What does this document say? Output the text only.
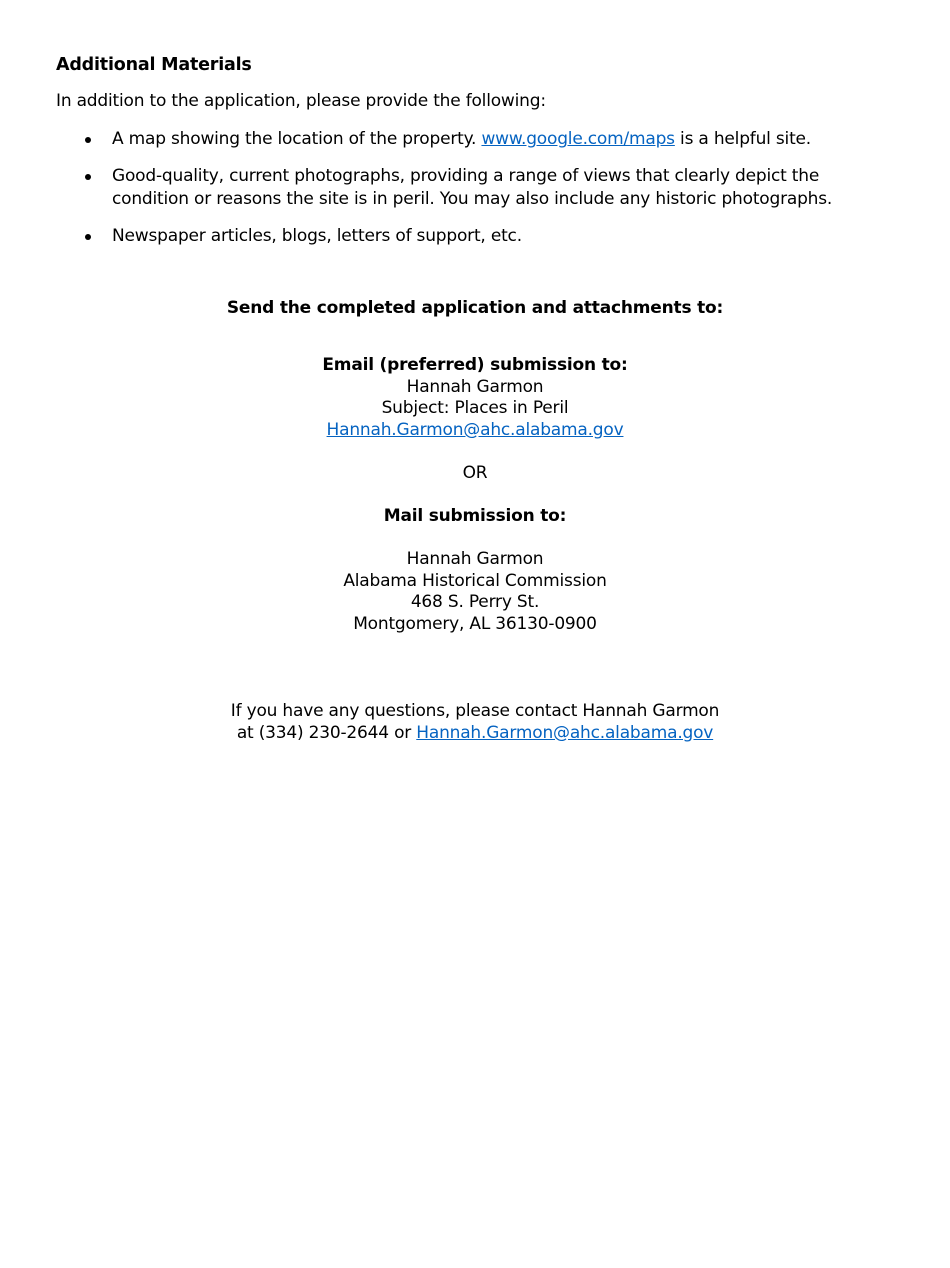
Additional Materials

In addition to the application, please provide the following:

A map showing the location of the property. www.google.com/maps is a helpful site.
Good-quality, current photographs, providing a range of views that clearly depict the condition or reasons the site is in peril. You may also include any historic photographs.
Newspaper articles, blogs, letters of support, etc.
Send the completed application and attachments to:
Email (preferred) submission to:
Hannah Garmon
Subject: Places in Peril
Hannah.Garmon@ahc.alabama.gov
OR
Mail submission to:
Hannah Garmon
Alabama Historical Commission
468 S. Perry St.
Montgomery, AL 36130-0900
If you have any questions, please contact Hannah Garmon
at (334) 230-2644 or Hannah.Garmon@ahc.alabama.gov
